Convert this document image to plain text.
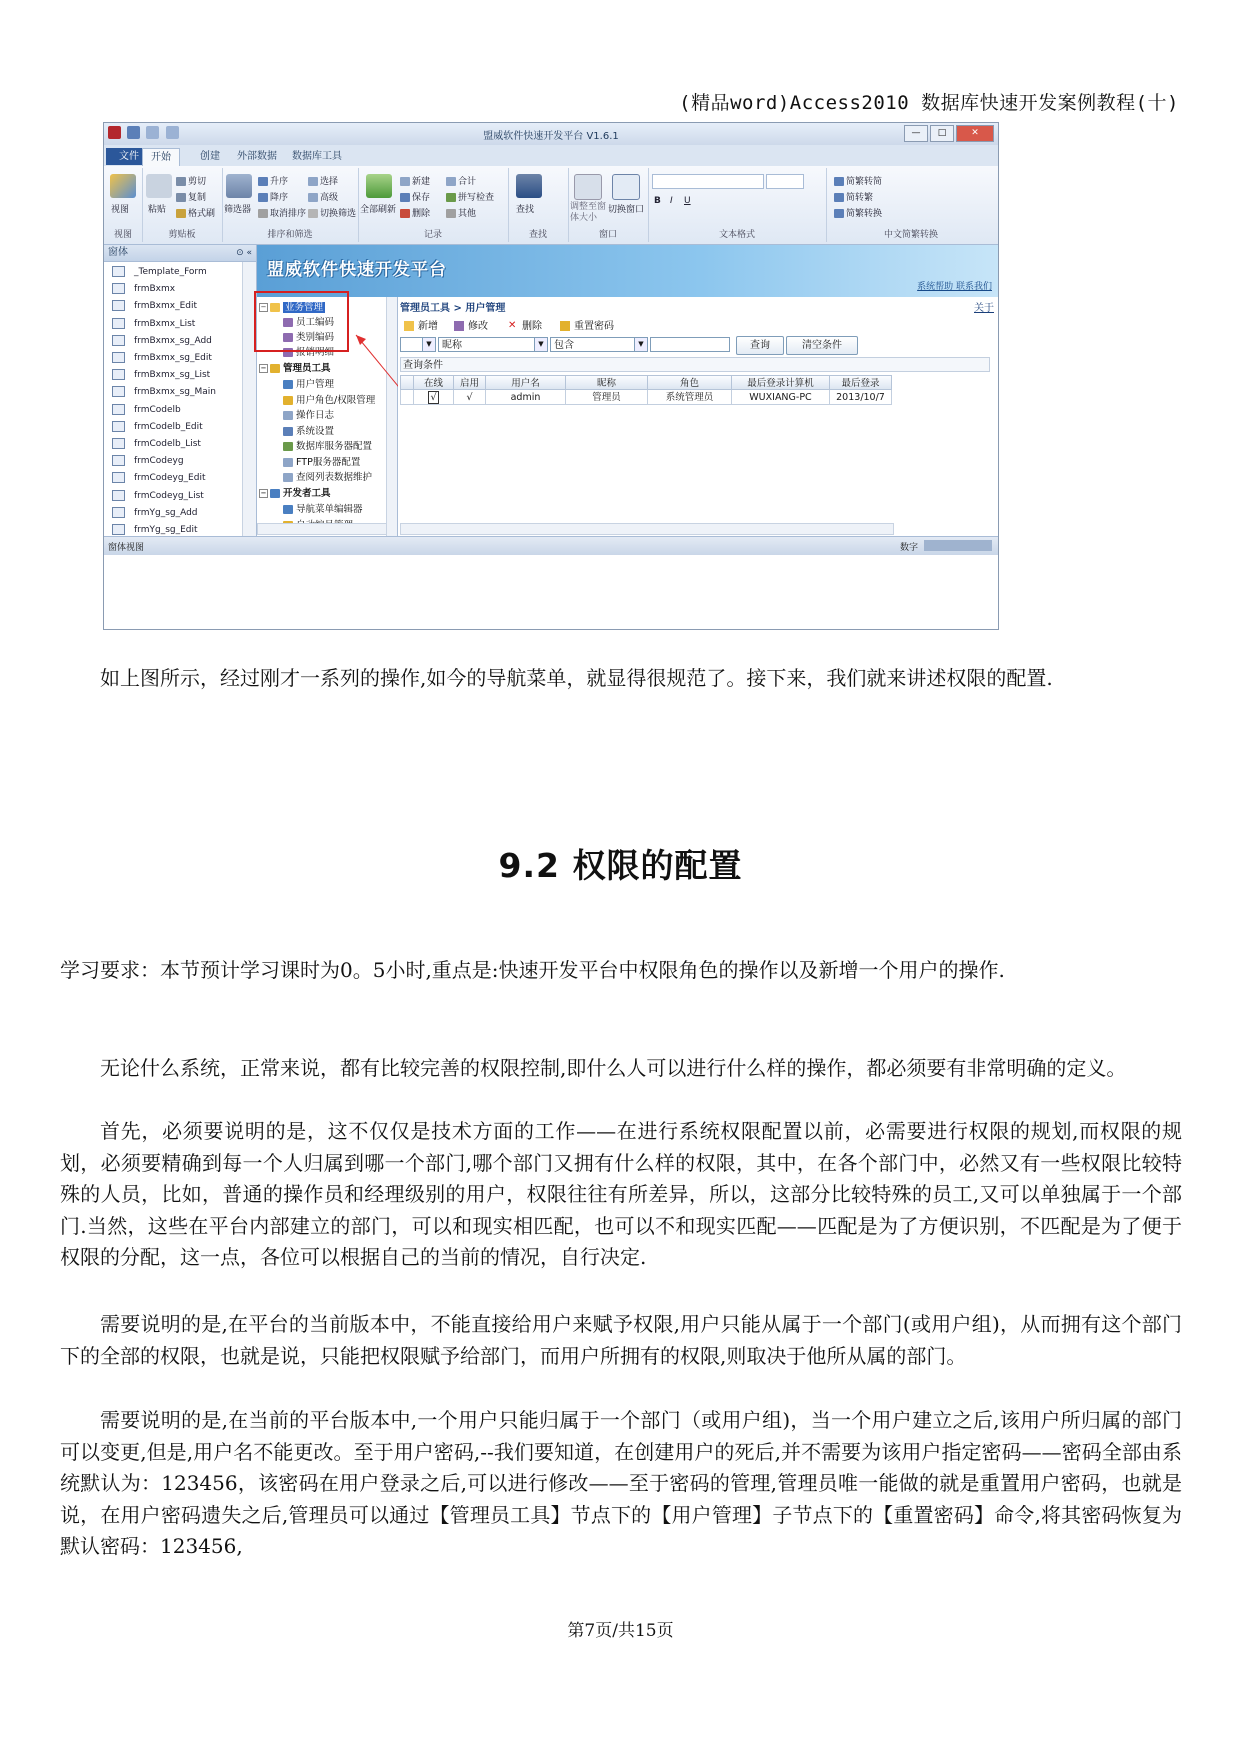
(精品word)Access2010 数据库快速开发案例教程(十)

盟威软件快速开发平台 V1.6.1	— □	✕
文件	开始	创建	外部数据	数据库工具
视图
视图
粘贴
剪切
复制
格式刷
剪贴板
筛选器
升序
降序
取消排序
选择
高级
切换筛选
排序和筛选
全部刷新
新建
保存
删除
合计
拼写检查
其他
记录
查找
查找
调整至窗体大小
切换窗口
窗口
B I U
文本格式
简繁转简
简转繁
简繁转换
中文简繁转换
窗体	⊙ «
_Template_Form
frmBxmx
frmBxmx_Edit
frmBxmx_List
frmBxmx_sg_Add
frmBxmx_sg_Edit
frmBxmx_sg_List
frmBxmx_sg_Main
frmCodelb
frmCodelb_Edit
frmCodelb_List
frmCodeyg
frmCodeyg_Edit
frmCodeyg_List
frmYg_sg_Add
frmYg_sg_Edit
盟威软件快速开发平台
系统帮助 联系我们
− 业务管理
员工编码
类别编码
报销明细
− 管理员工具
用户管理
用户角色/权限管理
操作日志
系统设置
数据库服务器配置
FTP服务器配置
查阅列表数据维护
− 开发者工具
导航菜单编辑器
管理员工具 > 用户管理	关于
新增	修改 ✕ 删除	重置密码
▼	昵称	▼	包含	▼	查询	清空条件
查询条件
在线	启用	用户名	昵称	角色	最后登录计算机	最后登录
√	√	admin	管理员	系统管理员	WUXIANG-PC	2013/10/7
窗体视图	数字
如上图所示，经过刚才一系列的操作,如今的导航菜单，就显得很规范了。接下来，我们就来讲述权限的配置.
9.2 权限的配置
学习要求：本节预计学习课时为0。5小时,重点是:快速开发平台中权限角色的操作以及新增一个用户的操作.
无论什么系统，正常来说，都有比较完善的权限控制,即什么人可以进行什么样的操作，都必须要有非常明确的定义。
首先，必须要说明的是，这不仅仅是技术方面的工作——在进行系统权限配置以前，必需要进行权限的规划,而权限的规划，必须要精确到每一个人归属到哪一个部门,哪个部门又拥有什么样的权限，其中，在各个部门中，必然又有一些权限比较特殊的人员，比如，普通的操作员和经理级别的用户，权限往往有所差异，所以，这部分比较特殊的员工,又可以单独属于一个部门.当然，这些在平台内部建立的部门，可以和现实相匹配，也可以不和现实匹配——匹配是为了方便识别，不匹配是为了便于权限的分配，这一点，各位可以根据自己的当前的情况，自行决定.
需要说明的是,在平台的当前版本中，不能直接给用户来赋予权限,用户只能从属于一个部门(或用户组)，从而拥有这个部门下的全部的权限，也就是说，只能把权限赋予给部门，而用户所拥有的权限,则取决于他所从属的部门。
需要说明的是,在当前的平台版本中,一个用户只能归属于一个部门（或用户组)，当一个用户建立之后,该用户所归属的部门可以变更,但是,用户名不能更改。至于用户密码,--我们要知道，在创建用户的死后,并不需要为该用户指定密码——密码全部由系统默认为：123456，该密码在用户登录之后,可以进行修改——至于密码的管理,管理员唯一能做的就是重置用户密码，也就是说，在用户密码遗失之后,管理员可以通过【管理员工具】节点下的【用户管理】子节点下的【重置密码】命令,将其密码恢复为默认密码：123456,
第7页/共15页
